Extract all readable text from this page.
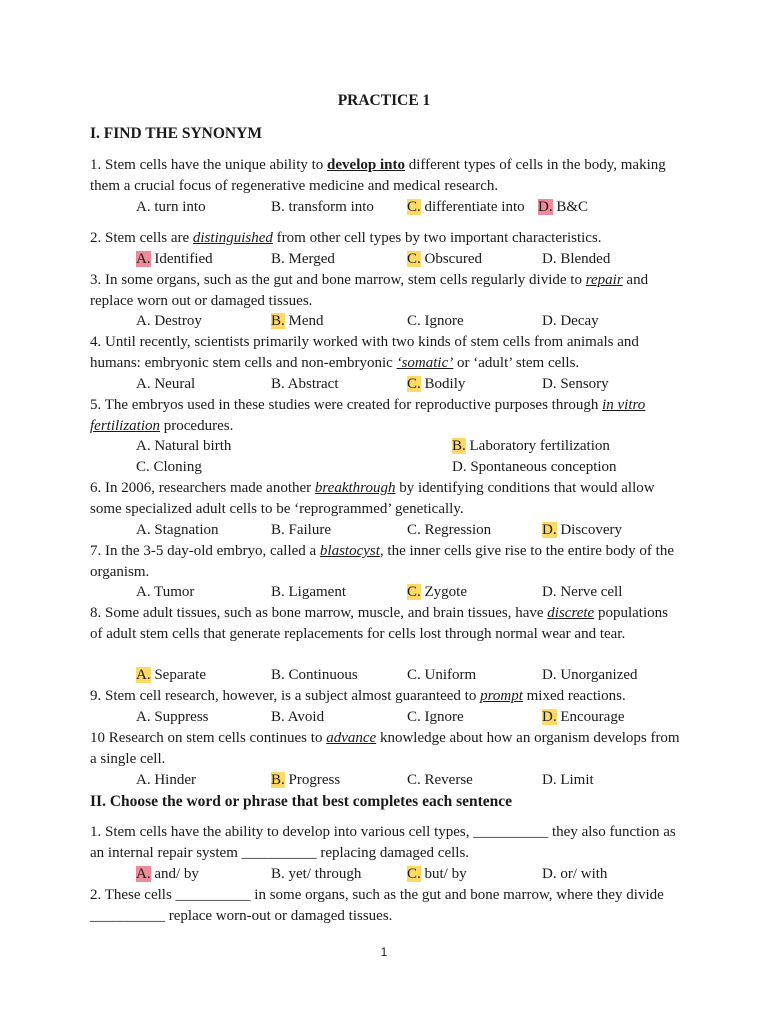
PRACTICE 1
I. FIND THE SYNONYM
1. Stem cells have the unique ability to develop into different types of cells in the body, making them a crucial focus of regenerative medicine and medical research.
A. turn into	B. transform into C. differentiate into D. B&C
2. Stem cells are distinguished from other cell types by two important characteristics.
A. Identified	B. Merged	C. Obscured	D. Blended
3. In some organs, such as the gut and bone marrow, stem cells regularly divide to repair and replace worn out or damaged tissues.
A. Destroy	B. Mend	C. Ignore	D. Decay
4. Until recently, scientists primarily worked with two kinds of stem cells from animals and humans: embryonic stem cells and non-embryonic ‘somatic’ or ‘adult’ stem cells.
A. Neural	B. Abstract	C. Bodily	D. Sensory
5. The embryos used in these studies were created for reproductive purposes through in vitro fertilization procedures.
A. Natural birth	B. Laboratory fertilization
C. Cloning	D. Spontaneous conception
6. In 2006, researchers made another breakthrough by identifying conditions that would allow some specialized adult cells to be ‘reprogrammed’ genetically.
A. Stagnation	B. Failure	C. Regression	D. Discovery
7. In the 3-5 day-old embryo, called a blastocyst, the inner cells give rise to the entire body of the organism.
A. Tumor	B. Ligament	C. Zygote	D. Nerve cell
8. Some adult tissues, such as bone marrow, muscle, and brain tissues, have discrete populations of adult stem cells that generate replacements for cells lost through normal wear and tear.
A. Separate	B. Continuous	C. Uniform	D. Unorganized
9. Stem cell research, however, is a subject almost guaranteed to prompt mixed reactions.
A. Suppress	B. Avoid	C. Ignore	D. Encourage
10 Research on stem cells continues to advance knowledge about how an organism develops from a single cell.
A. Hinder	B. Progress	C. Reverse	D. Limit
II. Choose the word or phrase that best completes each sentence
1. Stem cells have the ability to develop into various cell types, __________ they also function as an internal repair system __________ replacing damaged cells.
A. and/ by	B. yet/ through	C. but/ by	D. or/ with
2. These cells __________ in some organs, such as the gut and bone marrow, where they divide __________ replace worn-out or damaged tissues.
1
